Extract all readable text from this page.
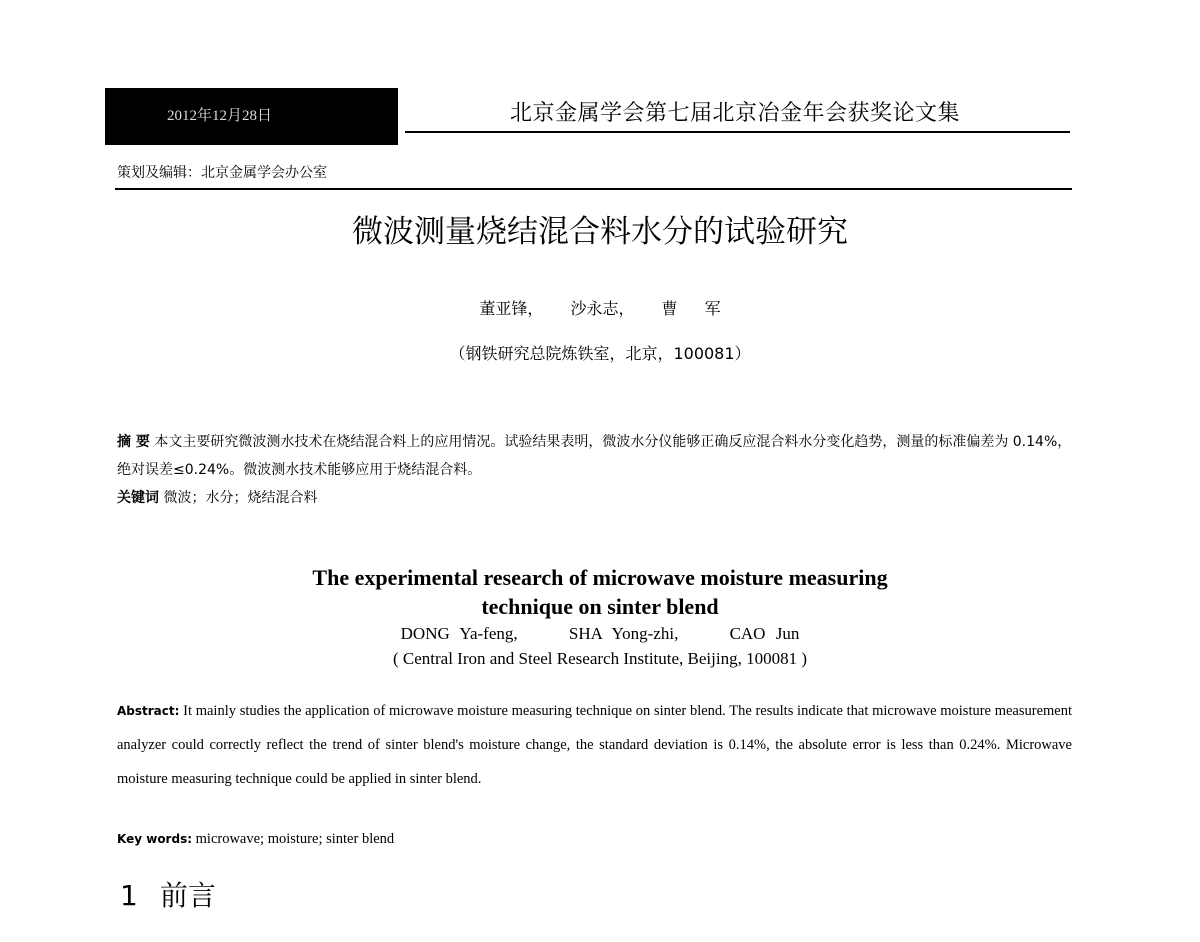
2012年12月28日	北京金属学会第七届北京冶金年会获奖论文集
策划及编辑：北京金属学会办公室
微波测量烧结混合料水分的试验研究
董亚锋， 沙永志， 曹 军
（钢铁研究总院炼铁室，北京，100081）
摘 要 本文主要研究微波测水技术在烧结混合料上的应用情况。试验结果表明，微波水分仪能够正确反应混合料水分变化趋势，测量的标准偏差为 0.14%，绝对误差≤0.24%。微波测水技术能够应用于烧结混合料。
关键词 微波；水分；烧结混合料
The experimental research of microwave moisture measuring
technique on sinter blend
DONG Ya-feng,     SHA Yong-zhi,     CAO Jun
( Central Iron and Steel Research Institute, Beijing, 100081 )
Abstract: It mainly studies the application of microwave moisture measuring technique on sinter blend. The results indicate that microwave moisture measurement analyzer could correctly reflect the trend of sinter blend's moisture change, the standard deviation is 0.14%, the absolute error is less than 0.24%. Microwave moisture measuring technique could be applied in sinter blend.
Key words: microwave; moisture; sinter blend
1 前言
